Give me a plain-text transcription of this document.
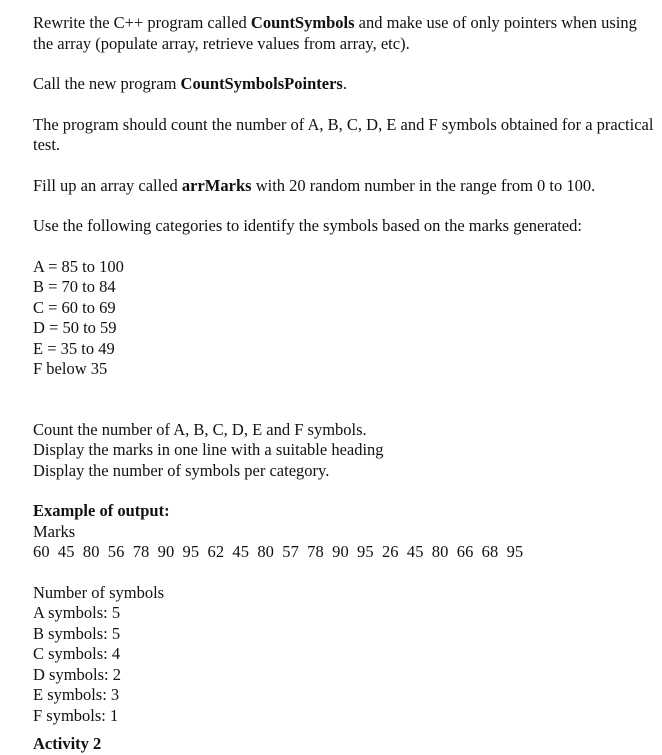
Rewrite the C++ program called CountSymbols and make use of only pointers when using the array (populate array, retrieve values from array, etc).

Call the new program CountSymbolsPointers.

The program should count the number of A, B, C, D, E and F symbols obtained for a practical test.

Fill up an array called arrMarks with 20 random number in the range from 0 to 100.

Use the following categories to identify the symbols based on the marks generated:

A = 85 to 100

B = 70 to 84

C = 60 to 69

D = 50 to 59

E = 35 to 49

F below 35

Count the number of A, B, C, D, E and F symbols.

Display the marks in one line with a suitable heading

Display the number of symbols per category.

Example of output:

Marks

60 45 80 56 78 90 95 62 45 80 57 78 90 95 26 45 80 66 68 95

Number of symbols

A symbols: 5

B symbols: 5

C symbols: 4

D symbols: 2

E symbols: 3

F symbols: 1

Activity 2
